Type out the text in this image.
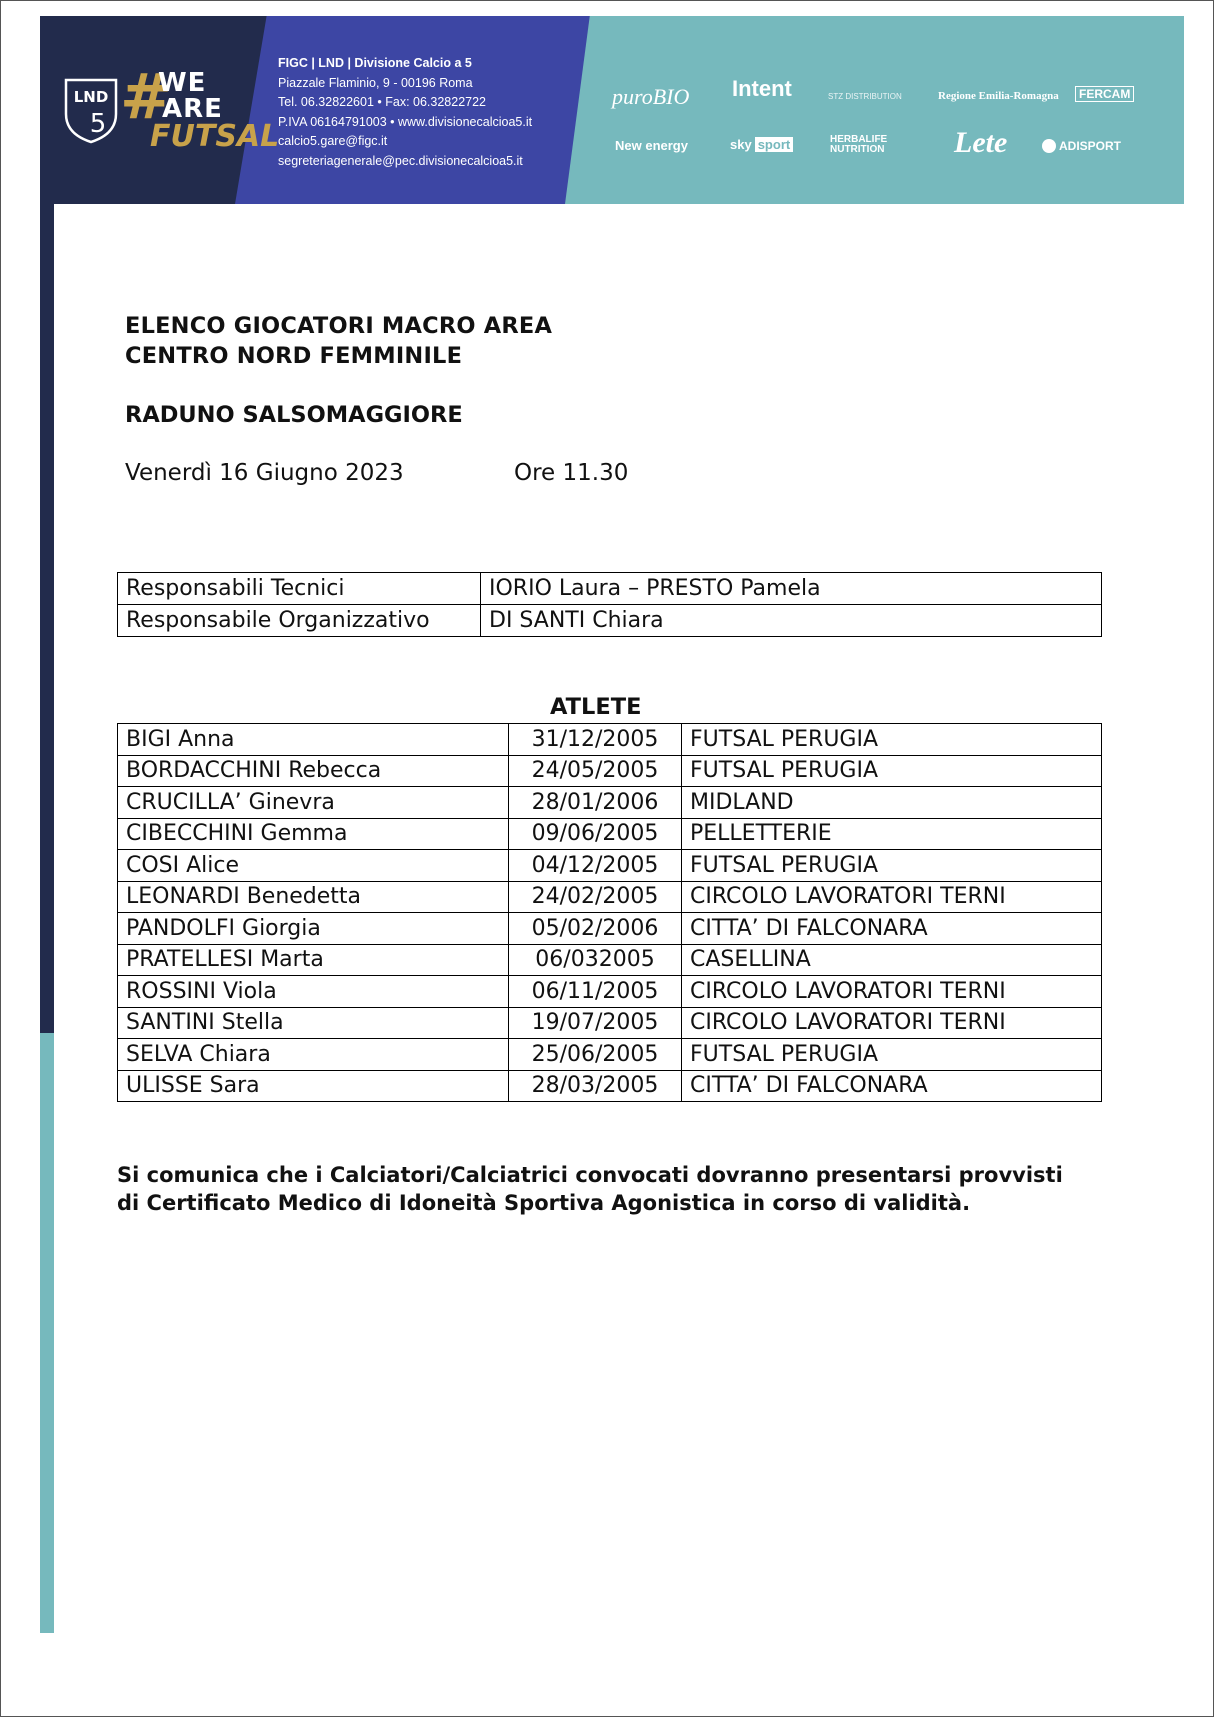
LND
5 #
WE
ARE
FUTSAL
FIGC | LND | Divisione Calcio a 5
Piazzale Flaminio, 9 - 00196 Roma
Tel. 06.32822601 • Fax: 06.32822722
P.IVA 06164791003 • www.divisionecalcioa5.it
calcio5.gare@figc.it
segreteriagenerale@pec.divisionecalcioa5.it
puroBIO Intent	STZ DISTRIBUTION	Regione Emilia-Romagna	FERCAM
New energy	sky sport	HERBALIFE
NUTRITION Lete	ADISPORT
ELENCO GIOCATORI MACRO AREA
CENTRO NORD FEMMINILE
RADUNO SALSOMAGGIORE
Venerdì 16 Giugno 2023	Ore 11.30
Responsabili Tecnici	IORIO Laura – PRESTO Pamela
Responsabile Organizzativo	DI SANTI Chiara
ATLETE
BIGI Anna	31/12/2005	FUTSAL PERUGIA
BORDACCHINI Rebecca	24/05/2005	FUTSAL PERUGIA
CRUCILLA’ Ginevra	28/01/2006	MIDLAND
CIBECCHINI Gemma	09/06/2005	PELLETTERIE
COSI Alice	04/12/2005	FUTSAL PERUGIA
LEONARDI Benedetta	24/02/2005	CIRCOLO LAVORATORI TERNI
PANDOLFI Giorgia	05/02/2006	CITTA’ DI FALCONARA
PRATELLESI Marta	06/032005	CASELLINA
ROSSINI Viola	06/11/2005	CIRCOLO LAVORATORI TERNI
SANTINI Stella	19/07/2005	CIRCOLO LAVORATORI TERNI
SELVA Chiara	25/06/2005	FUTSAL PERUGIA
ULISSE Sara	28/03/2005	CITTA’ DI FALCONARA
Si comunica che i Calciatori/Calciatrici convocati dovranno presentarsi provvisti di Certificato Medico di Idoneità Sportiva Agonistica in corso di validità.
